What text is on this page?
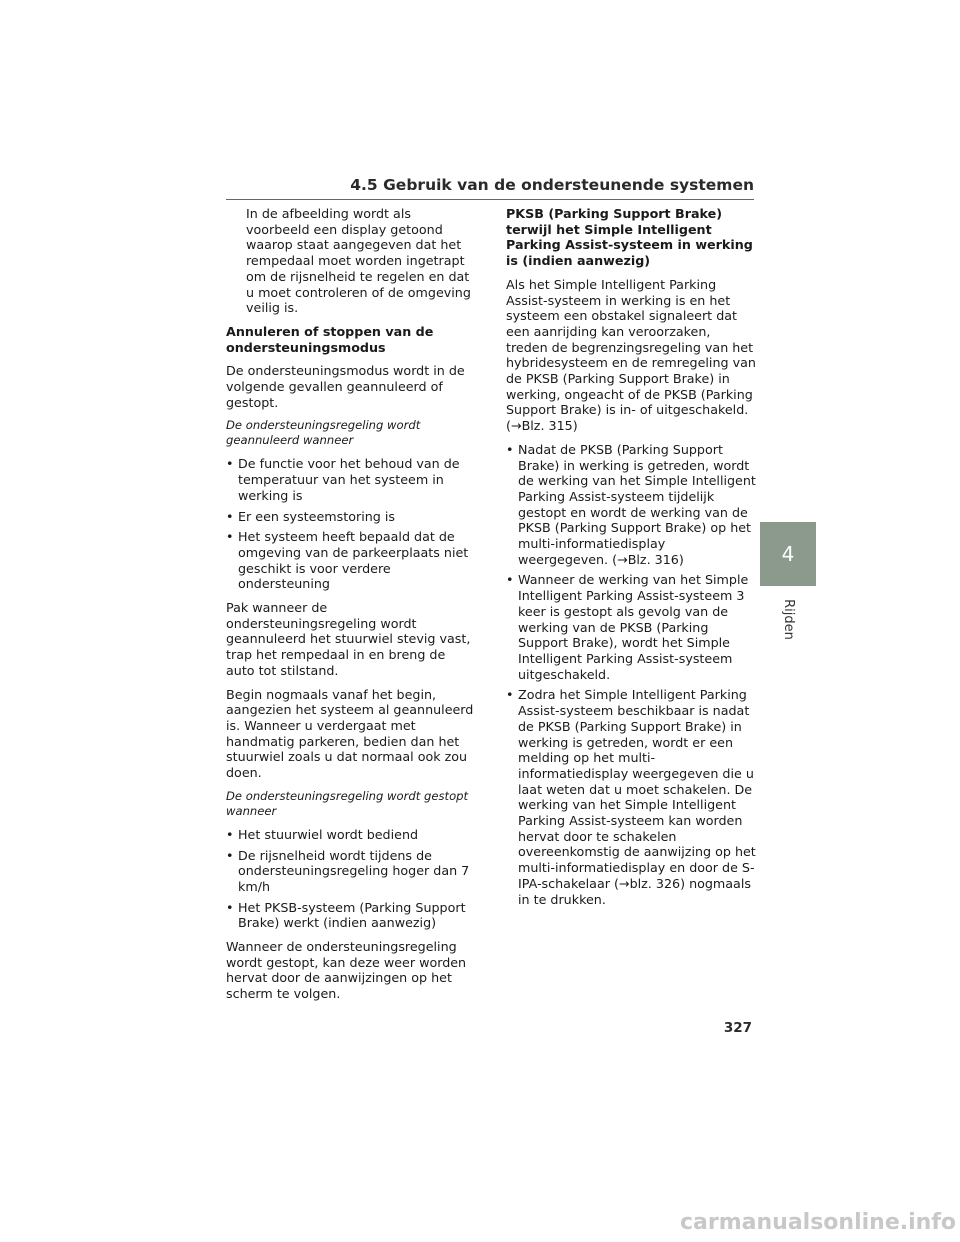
4.5 Gebruik van de ondersteunende systemen

In de afbeelding wordt als voorbeeld een display getoond waarop staat aangegeven dat het rempedaal moet worden ingetrapt om de rijsnelheid te regelen en dat u moet controleren of de omgeving veilig is.

Annuleren of stoppen van de ondersteuningsmodus

De ondersteuningsmodus wordt in de volgende gevallen geannuleerd of gestopt.

De ondersteuningsregeling wordt geannuleerd wanneer

• De functie voor het behoud van de temperatuur van het systeem in werking is
• Er een systeemstoring is
• Het systeem heeft bepaald dat de omgeving van de parkeerplaats niet geschikt is voor verdere ondersteuning

Pak wanneer de ondersteuningsregeling wordt geannuleerd het stuurwiel stevig vast, trap het rempedaal in en breng de auto tot stilstand.

Begin nogmaals vanaf het begin, aangezien het systeem al geannuleerd is. Wanneer u verdergaat met handmatig parkeren, bedien dan het stuurwiel zoals u dat normaal ook zou doen.

De ondersteuningsregeling wordt gestopt wanneer

• Het stuurwiel wordt bediend
• De rijsnelheid wordt tijdens de ondersteuningsregeling hoger dan 7 km/h
• Het PKSB-systeem (Parking Support Brake) werkt (indien aanwezig)

Wanneer de ondersteuningsregeling wordt gestopt, kan deze weer worden hervat door de aanwijzingen op het scherm te volgen.

PKSB (Parking Support Brake) terwijl het Simple Intelligent Parking Assist-systeem in werking is (indien aanwezig)

Als het Simple Intelligent Parking Assist-systeem in werking is en het systeem een obstakel signaleert dat een aanrijding kan veroorzaken, treden de begrenzingsregeling van het hybridesysteem en de remregeling van de PKSB (Parking Support Brake) in werking, ongeacht of de PKSB (Parking Support Brake) is in- of uitgeschakeld. (→Blz. 315)

• Nadat de PKSB (Parking Support Brake) in werking is getreden, wordt de werking van het Simple Intelligent Parking Assist-systeem tijdelijk gestopt en wordt de werking van de PKSB (Parking Support Brake) op het multi-informatiedisplay weergegeven. (→Blz. 316)
• Wanneer de werking van het Simple Intelligent Parking Assist-systeem 3 keer is gestopt als gevolg van de werking van de PKSB (Parking Support Brake), wordt het Simple Intelligent Parking Assist-systeem uitgeschakeld.
• Zodra het Simple Intelligent Parking Assist-systeem beschikbaar is nadat de PKSB (Parking Support Brake) in werking is getreden, wordt er een melding op het multi-informatiedisplay weergegeven die u laat weten dat u moet schakelen. De werking van het Simple Intelligent Parking Assist-systeem kan worden hervat door te schakelen overeenkomstig de aanwijzing op het multi-informatiedisplay en door de S-IPA-schakelaar (→blz. 326) nogmaals in te drukken.
4
Rijden
327
carmanualsonline.info
